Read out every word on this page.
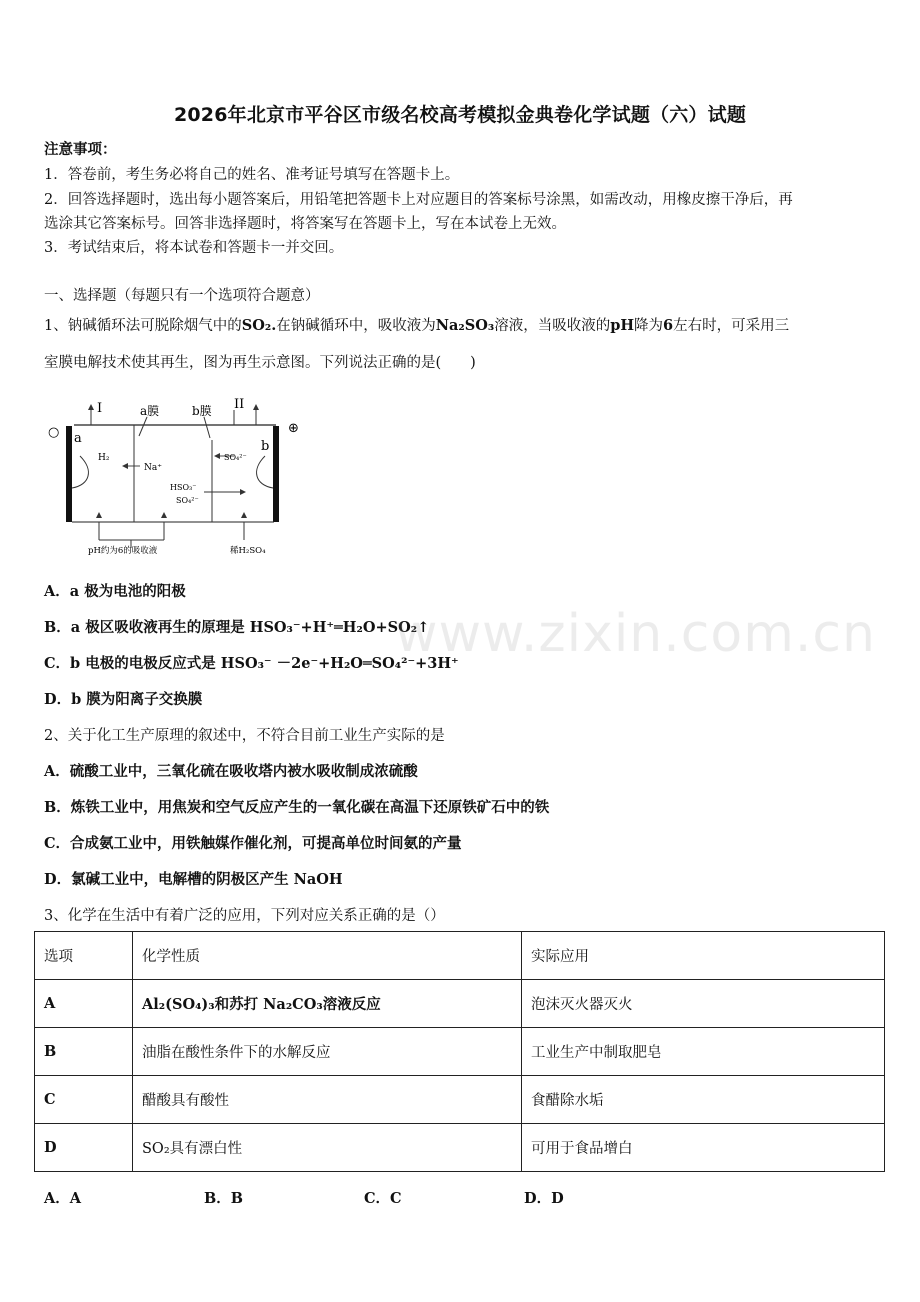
2026年北京市平谷区市级名校高考模拟金典卷化学试题（六）试题
注意事项：
1．答卷前，考生务必将自己的姓名、准考证号填写在答题卡上。
2．回答选择题时，选出每小题答案后，用铅笔把答题卡上对应题目的答案标号涂黑，如需改动，用橡皮擦干净后，再
选涂其它答案标号。回答非选择题时，将答案写在答题卡上，写在本试卷上无效。
3．考试结束后，将本试卷和答题卡一并交回。
一、选择题（每题只有一个选项符合题意）
1、钠碱循环法可脱除烟气中的SO₂.在钠碱循环中，吸收液为Na₂SO₃溶液，当吸收液的pH降为6左右时，可采用三
室膜电解技术使其再生，图为再生示意图。下列说法正确的是(　　)
I	II
a膜	b膜
a
b
○	⊕
H₂
Na⁺
SO₄²⁻
HSO₃⁻
SO₄²⁻
pH约为6的吸收液	稀H₂SO₄
A．a 极为电池的阳极
B．a 极区吸收液再生的原理是 HSO₃⁻+H⁺═H₂O+SO₂↑
C．b 电极的电极反应式是 HSO₃⁻ －2e⁻+H₂O═SO₄²⁻+3H⁺
D．b 膜为阳离子交换膜
www.zixin.com.cn
2、关于化工生产原理的叙述中，不符合目前工业生产实际的是
A．硫酸工业中，三氧化硫在吸收塔内被水吸收制成浓硫酸
B．炼铁工业中，用焦炭和空气反应产生的一氧化碳在高温下还原铁矿石中的铁
C．合成氨工业中，用铁触媒作催化剂，可提高单位时间氨的产量
D．氯碱工业中，电解槽的阴极区产生 NaOH
3、化学在生活中有着广泛的应用，下列对应关系正确的是（）
选项	化学性质	实际应用
A	Al₂(SO₄)₃和苏打 Na₂CO₃溶液反应	泡沫灭火器灭火
B	油脂在酸性条件下的水解反应	工业生产中制取肥皂
C	醋酸具有酸性	食醋除水垢
D	SO₂具有漂白性	可用于食品增白
A．A	B．B	C．C	D．D
